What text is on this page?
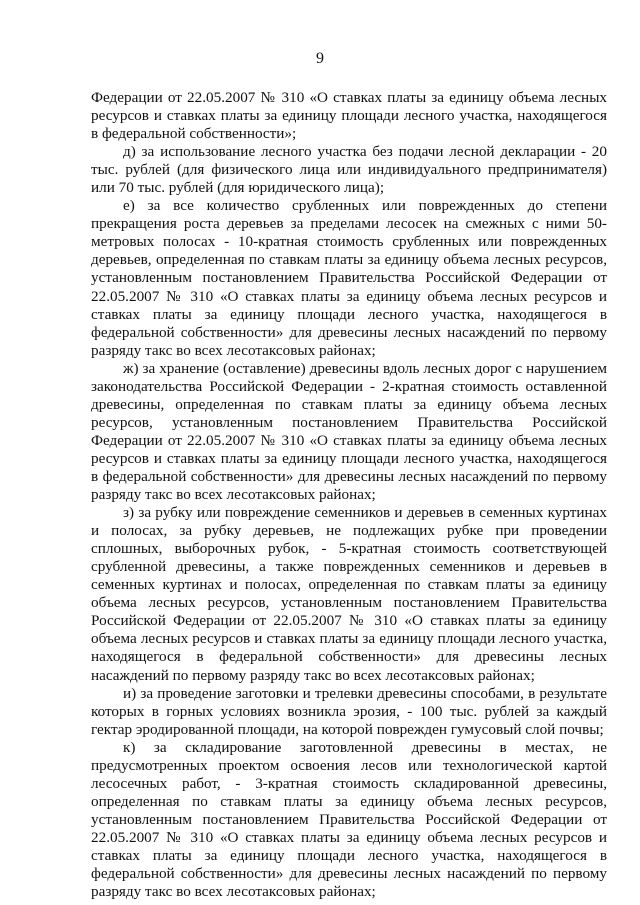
9

Федерации от 22.05.2007 № 310 «О ставках платы за единицу объема лесных ресурсов и ставках платы за единицу площади лесного участка, находящегося в федеральной собственности»;

д) за использование лесного участка без подачи лесной декларации - 20 тыс. рублей (для физического лица или индивидуального предпринимателя) или 70 тыс. рублей (для юридического лица);

е) за все количество срубленных или поврежденных до степени прекращения роста деревьев за пределами лесосек на смежных с ними 50-метровых полосах - 10-кратная стоимость срубленных или поврежденных деревьев, определенная по ставкам платы за единицу объема лесных ресурсов, установленным постановлением Правительства Российской Федерации от 22.05.2007 № 310 «О ставках платы за единицу объема лесных ресурсов и ставках платы за единицу площади лесного участка, находящегося в федеральной собственности» для древесины лесных насаждений по первому разряду такс во всех лесотаксовых районах;

ж) за хранение (оставление) древесины вдоль лесных дорог с нарушением законодательства Российской Федерации - 2-кратная стоимость оставленной древесины, определенная по ставкам платы за единицу объема лесных ресурсов, установленным постановлением Правительства Российской Федерации от 22.05.2007 № 310 «О ставках платы за единицу объема лесных ресурсов и ставках платы за единицу площади лесного участка, находящегося в федеральной собственности» для древесины лесных насаждений по первому разряду такс во всех лесотаксовых районах;

з) за рубку или повреждение семенников и деревьев в семенных куртинах и полосах, за рубку деревьев, не подлежащих рубке при проведении сплошных, выборочных рубок, - 5-кратная стоимость соответствующей срубленной древесины, а также поврежденных семенников и деревьев в семенных куртинах и полосах, определенная по ставкам платы за единицу объема лесных ресурсов, установленным постановлением Правительства Российской Федерации от 22.05.2007 № 310 «О ставках платы за единицу объема лесных ресурсов и ставках платы за единицу площади лесного участка, находящегося в федеральной собственности» для древесины лесных насаждений по первому разряду такс во всех лесотаксовых районах;

и) за проведение заготовки и трелевки древесины способами, в результате которых в горных условиях возникла эрозия, - 100 тыс. рублей за каждый гектар эродированной площади, на которой поврежден гумусовый слой почвы;

к) за складирование заготовленной древесины в местах, не предусмотренных проектом освоения лесов или технологической картой лесосечных работ, - 3-кратная стоимость складированной древесины, определенная по ставкам платы за единицу объема лесных ресурсов, установленным постановлением Правительства Российской Федерации от 22.05.2007 № 310 «О ставках платы за единицу объема лесных ресурсов и ставках платы за единицу площади лесного участка, находящегося в федеральной собственности» для древесины лесных насаждений по первому разряду такс во всех лесотаксовых районах;
